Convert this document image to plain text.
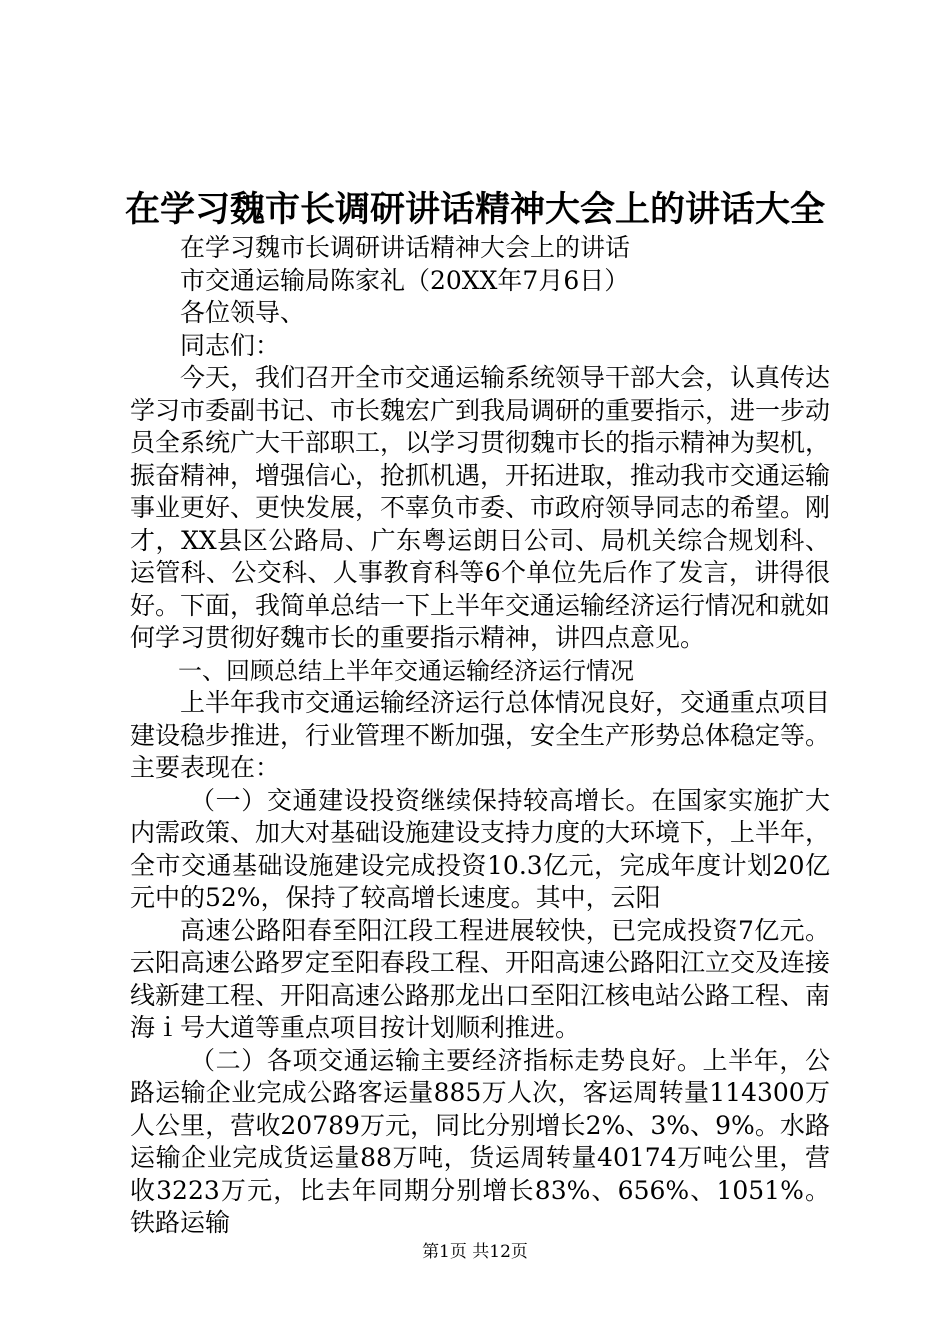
在学习魏市长调研讲话精神大会上的讲话大全

在学习魏市长调研讲话精神大会上的讲话

市交通运输局陈家礼（20XX年7月6日）

各位领导、

同志们：

今天，我们召开全市交通运输系统领导干部大会，认真传达学习市委副书记、市长魏宏广到我局调研的重要指示，进一步动员全系统广大干部职工，以学习贯彻魏市长的指示精神为契机，振奋精神，增强信心，抢抓机遇，开拓进取，推动我市交通运输事业更好、更快发展，不辜负市委、市政府领导同志的希望。刚才，XX县区公路局、广东粤运朗日公司、局机关综合规划科、运管科、公交科、人事教育科等6个单位先后作了发言，讲得很好。下面，我简单总结一下上半年交通运输经济运行情况和就如何学习贯彻好魏市长的重要指示精神，讲四点意见。

一、回顾总结上半年交通运输经济运行情况

上半年我市交通运输经济运行总体情况良好，交通重点项目建设稳步推进，行业管理不断加强，安全生产形势总体稳定等。主要表现在：

（一）交通建设投资继续保持较高增长。在国家实施扩大内需政策、加大对基础设施建设支持力度的大环境下，上半年，全市交通基础设施建设完成投资10.3亿元，完成年度计划20亿元中的52%，保持了较高增长速度。其中，云阳

高速公路阳春至阳江段工程进展较快，已完成投资7亿元。云阳高速公路罗定至阳春段工程、开阳高速公路阳江立交及连接线新建工程、开阳高速公路那龙出口至阳江核电站公路工程、南海ｉ号大道等重点项目按计划顺利推进。

（二）各项交通运输主要经济指标走势良好。上半年，公路运输企业完成公路客运量885万人次，客运周转量114300万人公里，营收20789万元，同比分别增长2%、3%、9%。水路运输企业完成货运量88万吨，货运周转量40174万吨公里，营收3223万元，比去年同期分别增长83%、656%、1051%。铁路运输

第1页 共12页
